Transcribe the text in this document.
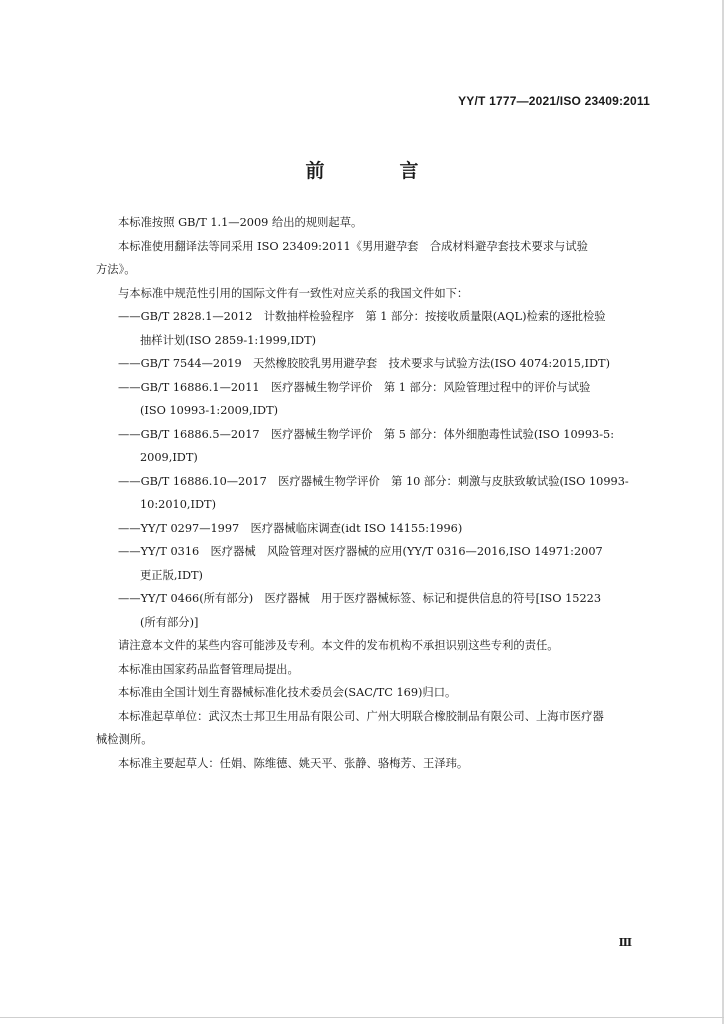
YY/T 1777—2021/ISO 23409:2011
前　言

本标准按照 GB/T 1.1—2009 给出的规则起草。

本标准使用翻译法等同采用 ISO 23409:2011《男用避孕套　合成材料避孕套技术要求与试验

方法》。

与本标准中规范性引用的国际文件有一致性对应关系的我国文件如下：

——GB/T 2828.1—2012　计数抽样检验程序　第 1 部分：按接收质量限(AQL)检索的逐批检验

抽样计划(ISO 2859-1:1999,IDT)

——GB/T 7544—2019　天然橡胶胶乳男用避孕套　技术要求与试验方法(ISO 4074:2015,IDT)

——GB/T 16886.1—2011　医疗器械生物学评价　第 1 部分：风险管理过程中的评价与试验

(ISO 10993-1:2009,IDT)

——GB/T 16886.5—2017　医疗器械生物学评价　第 5 部分：体外细胞毒性试验(ISO 10993-5:

2009,IDT)

——GB/T 16886.10—2017　医疗器械生物学评价　第 10 部分：刺激与皮肤致敏试验(ISO 10993-

10:2010,IDT)

——YY/T 0297—1997　医疗器械临床调查(idt ISO 14155:1996)

——YY/T 0316　医疗器械　风险管理对医疗器械的应用(YY/T 0316—2016,ISO 14971:2007

更正版,IDT)

——YY/T 0466(所有部分)　医疗器械　用于医疗器械标签、标记和提供信息的符号[ISO 15223

(所有部分)]

请注意本文件的某些内容可能涉及专利。本文件的发布机构不承担识别这些专利的责任。

本标准由国家药品监督管理局提出。

本标准由全国计划生育器械标准化技术委员会(SAC/TC 169)归口。

本标准起草单位：武汉杰士邦卫生用品有限公司、广州大明联合橡胶制品有限公司、上海市医疗器

械检测所。

本标准主要起草人：任娟、陈维德、姚天平、张静、骆梅芳、王泽玮。

Ⅲ
